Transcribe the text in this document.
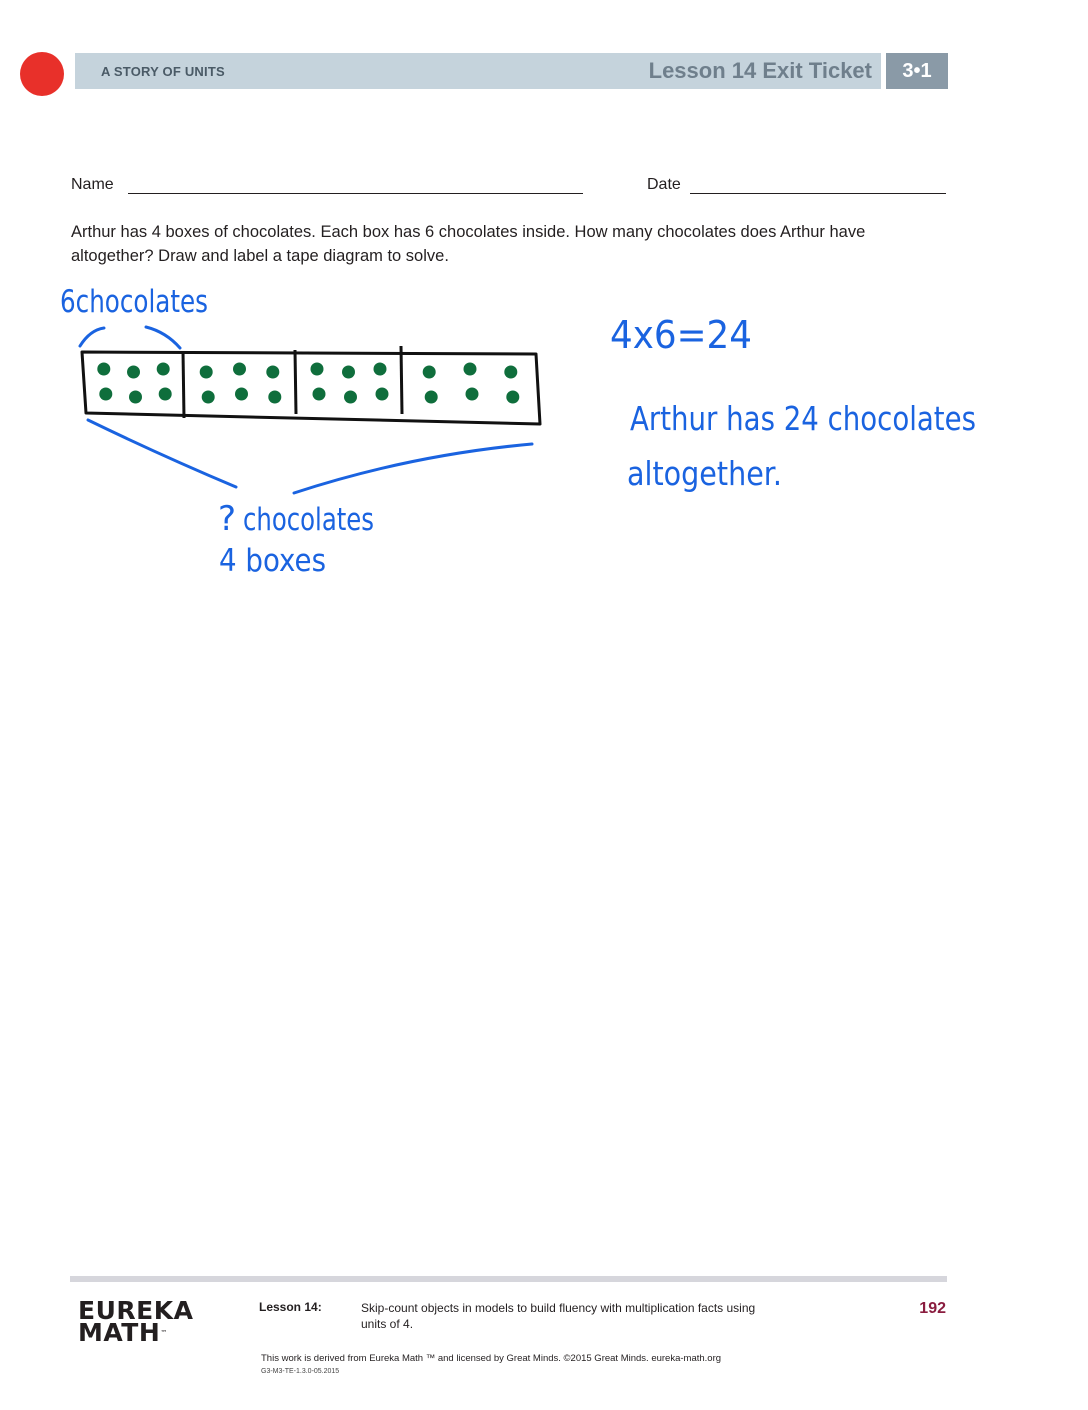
A STORY OF UNITS	Lesson 14 Exit Ticket	3•1
Name	Date
Arthur has 4 boxes of chocolates. Each box has 6 chocolates inside. How many chocolates does Arthur have altogether? Draw and label a tape diagram to solve.
6chocolates
? chocolates
4 boxes
4x6=24
Arthur has 24 chocolates
altogether.
EUREKA
MATH™
Lesson 14:	Skip-count objects in models to build fluency with multiplication facts using units of 4.
192
This work is derived from Eureka Math ™ and licensed by Great Minds. ©2015 Great Minds. eureka-math.org
G3-M3-TE-1.3.0-05.2015
